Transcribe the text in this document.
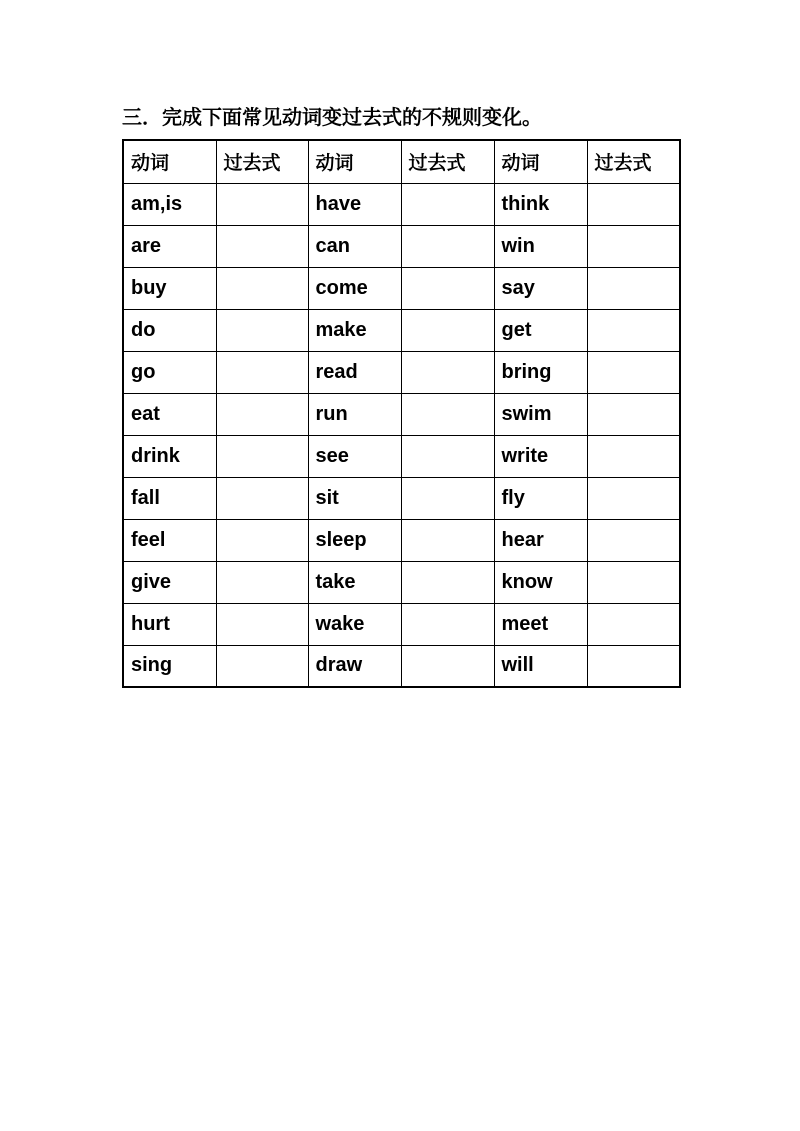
三．完成下面常见动词变过去式的不规则变化。
动词	过去式	动词	过去式	动词	过去式
am,is		have		think	
are		can		win	
buy		come		say	
do		make		get	
go		read		bring	
eat		run		swim	
drink		see		write	
fall		sit		fly	
feel		sleep		hear	
give		take		know	
hurt		wake		meet	
sing		draw		will	
